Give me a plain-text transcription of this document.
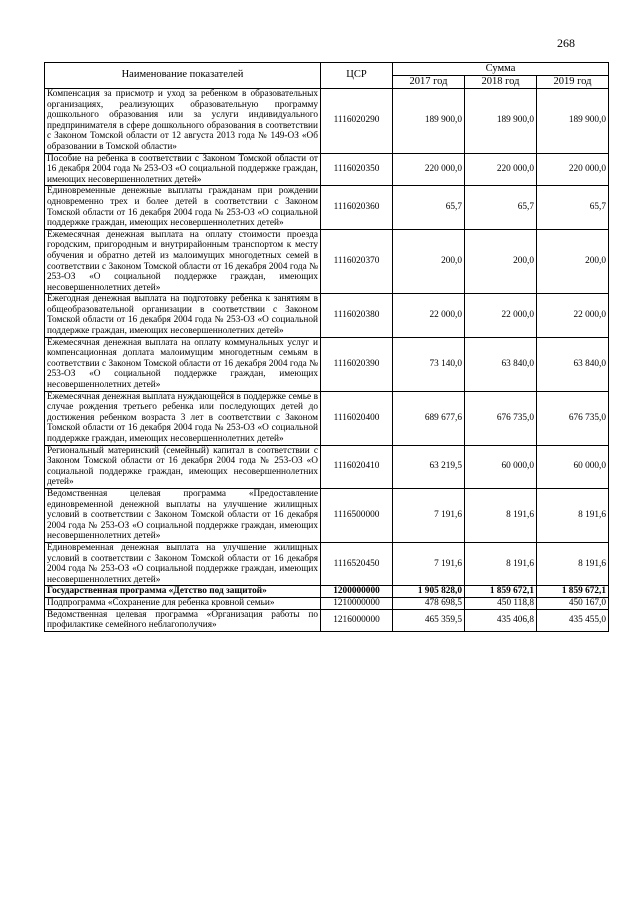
268
Наименование показателей	ЦСР	Сумма		
		2017 год	2018 год	2019 год
Компенсация за присмотр и уход за ребенком в образовательных организациях, реализующих образовательную программу дошкольного образования или за услуги индивидуального предпринимателя в сфере дошкольного образования в соответствии с Законом Томской области от 12 августа 2013 года № 149-ОЗ «Об образовании в Томской области»	1116020290	189 900,0	189 900,0	189 900,0
Пособие на ребенка в соответствии с Законом Томской области от 16 декабря 2004 года № 253-ОЗ «О социальной поддержке граждан, имеющих несовершеннолетних детей»	1116020350	220 000,0	220 000,0	220 000,0
Единовременные денежные выплаты гражданам при рождении одновременно трех и более детей в соответствии с Законом Томской области от 16 декабря 2004 года № 253-ОЗ «О социальной поддержке граждан, имеющих несовершеннолетних детей»	1116020360	65,7	65,7	65,7
Ежемесячная денежная выплата на оплату стоимости проезда городским, пригородным и внутрирайонным транспортом к месту обучения и обратно детей из малоимущих многодетных семей в соответствии с Законом Томской области от 16 декабря 2004 года № 253-ОЗ «О социальной поддержке граждан, имеющих несовершеннолетних детей»	1116020370	200,0	200,0	200,0
Ежегодная денежная выплата на подготовку ребенка к занятиям в общеобразовательной организации в соответствии с Законом Томской области от 16 декабря 2004 года № 253-ОЗ «О социальной поддержке граждан, имеющих несовершеннолетних детей»	1116020380	22 000,0	22 000,0	22 000,0
Ежемесячная денежная выплата на оплату коммунальных услуг и компенсационная доплата малоимущим многодетным семьям в соответствии с Законом Томской области от 16 декабря 2004 года № 253-ОЗ «О социальной поддержке граждан, имеющих несовершеннолетних детей»	1116020390	73 140,0	63 840,0	63 840,0
Ежемесячная денежная выплата нуждающейся в поддержке семье в случае рождения третьего ребенка или последующих детей до достижения ребенком возраста 3 лет в соответствии с Законом Томской области от 16 декабря 2004 года № 253-ОЗ «О социальной поддержке граждан, имеющих несовершеннолетних детей»	1116020400	689 677,6	676 735,0	676 735,0
Региональный материнский (семейный) капитал в соответствии с Законом Томской области от 16 декабря 2004 года № 253-ОЗ «О социальной поддержке граждан, имеющих несовершеннолетних детей»	1116020410	63 219,5	60 000,0	60 000,0
Ведомственная целевая программа «Предоставление единовременной денежной выплаты на улучшение жилищных условий в соответствии с Законом Томской области от 16 декабря 2004 года № 253-ОЗ «О социальной поддержке граждан, имеющих несовершеннолетних детей»	1116500000	7 191,6	8 191,6	8 191,6
Единовременная денежная выплата на улучшение жилищных условий в соответствии с Законом Томской области от 16 декабря 2004 года № 253-ОЗ «О социальной поддержке граждан, имеющих несовершеннолетних детей»	1116520450	7 191,6	8 191,6	8 191,6
Государственная программа «Детство под защитой»	1200000000	1 905 828,0	1 859 672,1	1 859 672,1
Подпрограмма «Сохранение для ребенка кровной семьи»	1210000000	478 698,5	450 118,8	450 167,0
Ведомственная целевая программа «Организация работы по профилактике семейного неблагополучия»	1216000000	465 359,5	435 406,8	435 455,0
